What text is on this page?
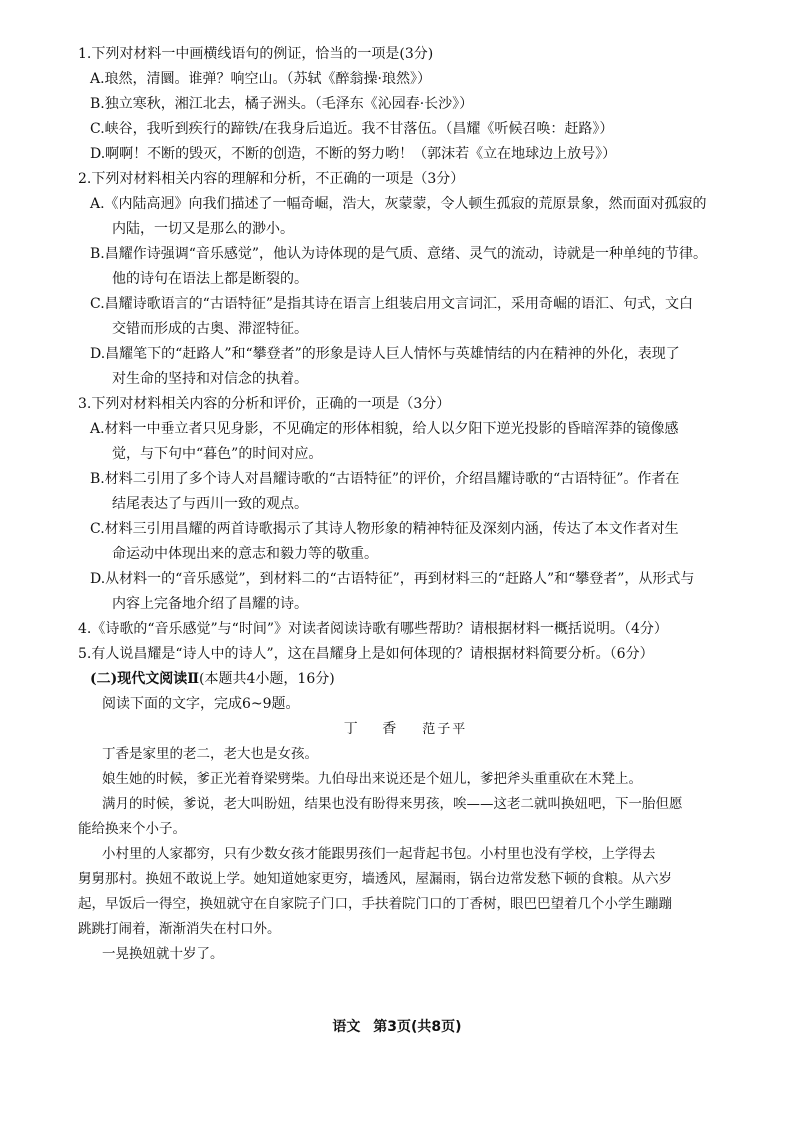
1.下列对材料一中画横线语句的例证，恰当的一项是(3分)
A.琅然，清圜。谁弹？响空山。（苏轼《醉翁操·琅然》）
B.独立寒秋，湘江北去，橘子洲头。（毛泽东《沁园春·长沙》）
C.峡谷，我听到疾行的蹄铁/在我身后追近。我不甘落伍。（昌耀《听候召唤：赶路》）
D.啊啊！不断的毁灭，不断的创造，不断的努力哟！（郭沫若《立在地球边上放号》）
2.下列对材料相关内容的理解和分析，不正确的一项是（3分）
A.《内陆高迥》向我们描述了一幅奇崛，浩大，灰蒙蒙，令人顿生孤寂的荒原景象，然而面对孤寂的
内陆，一切又是那么的渺小。
B.昌耀作诗强调“音乐感觉”，他认为诗体现的是气质、意绪、灵气的流动，诗就是一种单纯的节律。
他的诗句在语法上都是断裂的。
C.昌耀诗歌语言的“古语特征”是指其诗在语言上组装启用文言词汇，采用奇崛的语汇、句式，文白
交错而形成的古奥、滞涩特征。
D.昌耀笔下的“赶路人”和“攀登者”的形象是诗人巨人情怀与英雄情结的内在精神的外化，表现了
对生命的坚持和对信念的执着。
3.下列对材料相关内容的分析和评价，正确的一项是（3分）
A.材料一中垂立者只见身影，不见确定的形体相貌，给人以夕阳下逆光投影的昏暗浑莽的镜像感
觉，与下句中“暮色”的时间对应。
B.材料二引用了多个诗人对昌耀诗歌的“古语特征”的评价，介绍昌耀诗歌的“古语特征”。作者在
结尾表达了与西川一致的观点。
C.材料三引用昌耀的两首诗歌揭示了其诗人物形象的精神特征及深刻内涵，传达了本文作者对生
命运动中体现出来的意志和毅力等的敬重。
D.从材料一的“音乐感觉”，到材料二的“古语特征”，再到材料三的“赶路人”和“攀登者”，从形式与
内容上完备地介绍了昌耀的诗。
4.《诗歌的“音乐感觉”与“时间”》对读者阅读诗歌有哪些帮助？请根据材料一概括说明。（4分）
5.有人说昌耀是“诗人中的诗人”，这在昌耀身上是如何体现的？请根据材料简要分析。（6分）
(二)现代文阅读Ⅱ(本题共4小题，16分)
阅读下面的文字，完成6~9题。
丁 香 范子平
丁香是家里的老二，老大也是女孩。
娘生她的时候，爹正光着脊梁劈柴。九伯母出来说还是个妞儿，爹把斧头重重砍在木凳上。
满月的时候，爹说，老大叫盼妞，结果也没有盼得来男孩，唉——这老二就叫换妞吧，下一胎但愿
能给换来个小子。
小村里的人家都穷，只有少数女孩才能跟男孩们一起背起书包。小村里也没有学校，上学得去
舅舅那村。换妞不敢说上学。她知道她家更穷，墙透风，屋漏雨，锅台边常发愁下顿的食粮。从六岁
起，早饭后一得空，换妞就守在自家院子门口，手扶着院门口的丁香树，眼巴巴望着几个小学生蹦蹦
跳跳打闹着，渐渐消失在村口外。
一晃换妞就十岁了。
语文 第3页(共8页)
